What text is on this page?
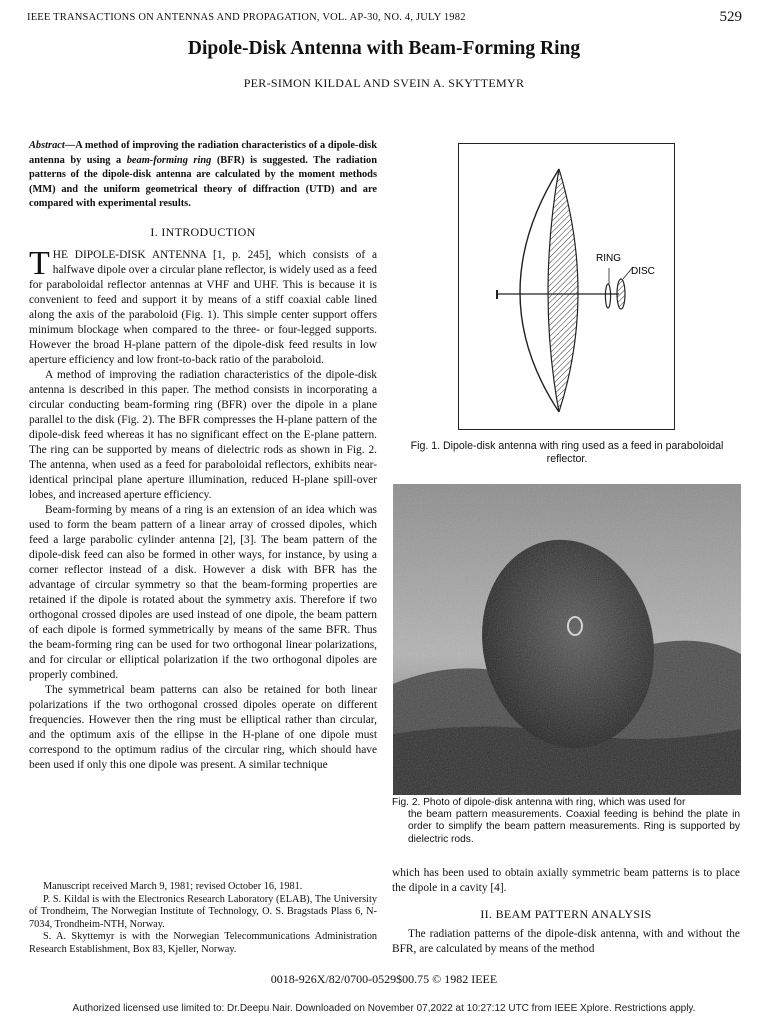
IEEE TRANSACTIONS ON ANTENNAS AND PROPAGATION, VOL. AP-30, NO. 4, JULY 1982	529
Dipole-Disk Antenna with Beam-Forming Ring
PER-SIMON KILDAL AND SVEIN A. SKYTTEMYR
Abstract—A method of improving the radiation characteristics of a dipole-disk antenna by using a beam-forming ring (BFR) is suggested. The radiation patterns of the dipole-disk antenna are calculated by the moment methods (MM) and the uniform geometrical theory of diffraction (UTD) and are compared with experimental results.
I. INTRODUCTION

THE DIPOLE-DISK ANTENNA [1, p. 245], which consists of a halfwave dipole over a circular plane reflector, is widely used as a feed for paraboloidal reflector antennas at VHF and UHF. This is because it is convenient to feed and support it by means of a stiff coaxial cable lined along the axis of the paraboloid (Fig. 1). This simple center support offers minimum blockage when compared to the three- or four-legged supports. However the broad H-plane pattern of the dipole-disk feed results in low aperture efficiency and low front-to-back ratio of the paraboloid.

A method of improving the radiation characteristics of the dipole-disk antenna is described in this paper. The method consists in incorporating a circular conducting beam-forming ring (BFR) over the dipole in a plane parallel to the disk (Fig. 2). The BFR compresses the H-plane pattern of the dipole-disk feed whereas it has no significant effect on the E-plane pattern. The ring can be supported by means of dielectric rods as shown in Fig. 2. The antenna, when used as a feed for paraboloidal reflectors, exhibits near-identical principal plane aperture illumination, reduced H-plane spill-over lobes, and increased aperture efficiency.

Beam-forming by means of a ring is an extension of an idea which was used to form the beam pattern of a linear array of crossed dipoles, which feed a large parabolic cylinder antenna [2], [3]. The beam pattern of the dipole-disk feed can also be formed in other ways, for instance, by using a corner reflector instead of a disk. However a disk with BFR has the advantage of circular symmetry so that the beam-forming properties are retained if the dipole is rotated about the symmetry axis. Therefore if two orthogonal crossed dipoles are used instead of one dipole, the beam pattern of each dipole is formed symmetrically by means of the same BFR. Thus the beam-forming ring can be used for two orthogonal linear polarizations, and for circular or elliptical polarization if the two orthogonal dipoles are properly combined.

The symmetrical beam patterns can also be retained for both linear polarizations if the two orthogonal crossed dipoles operate on different frequencies. However then the ring must be elliptical rather than circular, and the optimum axis of the ellipse in the H-plane of one dipole must correspond to the optimum radius of the circular ring, which should have been used if only this one dipole was present. A similar technique

Manuscript received March 9, 1981; revised October 16, 1981.

P. S. Kildal is with the Electronics Research Laboratory (ELAB), The University of Trondheim, The Norwegian Institute of Technology, O. S. Bragstads Plass 6, N-7034, Trondheim-NTH, Norway.

S. A. Skyttemyr is with the Norwegian Telecommunications Administration Research Establishment, Box 83, Kjeller, Norway.

RING
DISC
Fig. 1. Dipole-disk antenna with ring used as a feed in paraboloidal reflector.
Fig. 2. Photo of dipole-disk antenna with ring, which was used for
the beam pattern measurements. Coaxial feeding is behind the plate in order to simplify the beam pattern measurements. Ring is supported by dielectric rods.

which has been used to obtain axially symmetric beam patterns is to place the dipole in a cavity [4].

II. BEAM PATTERN ANALYSIS

The radiation patterns of the dipole-disk antenna, with and without the BFR, are calculated by means of the method

0018-926X/82/0700-0529$00.75 © 1982 IEEE
Authorized licensed use limited to: Dr.Deepu Nair. Downloaded on November 07,2022 at 10:27:12 UTC from IEEE Xplore. Restrictions apply.
